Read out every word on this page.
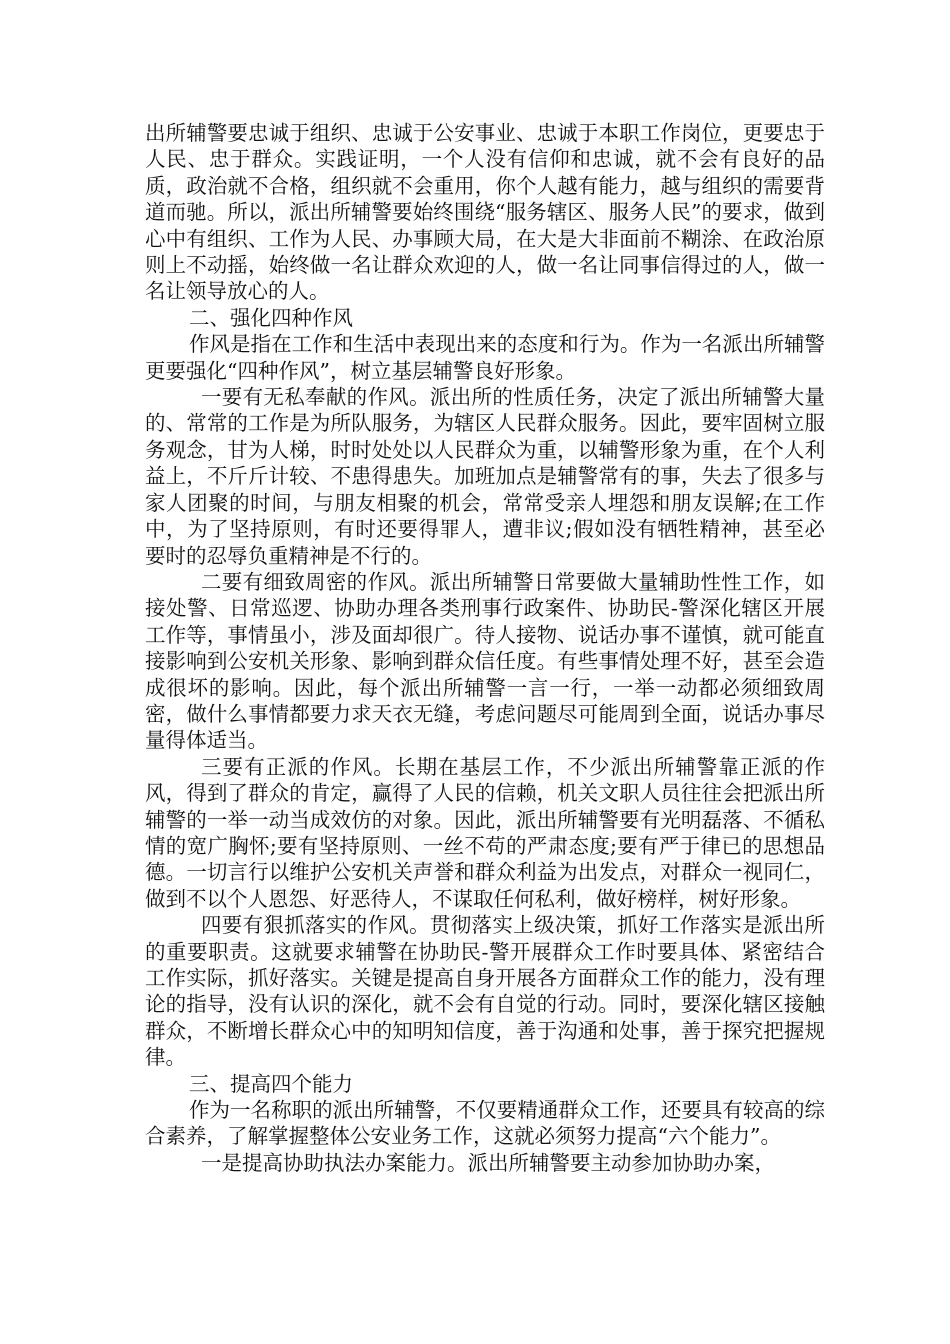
出所辅警要忠诚于组织、忠诚于公安事业、忠诚于本职工作岗位，更要忠于人民、忠于群众。实践证明，一个人没有信仰和忠诚，就不会有良好的品质，政治就不合格，组织就不会重用，你个人越有能力，越与组织的需要背道而驰。所以，派出所辅警要始终围绕“服务辖区、服务人民”的要求，做到心中有组织、工作为人民、办事顾大局，在大是大非面前不糊涂、在政治原则上不动摇，始终做一名让群众欢迎的人，做一名让同事信得过的人，做一名让领导放心的人。

二、强化四种作风

作风是指在工作和生活中表现出来的态度和行为。作为一名派出所辅警更要强化“四种作风”，树立基层辅警良好形象。

一要有无私奉献的作风。派出所的性质任务，决定了派出所辅警大量的、常常的工作是为所队服务，为辖区人民群众服务。因此，要牢固树立服务观念，甘为人梯，时时处处以人民群众为重，以辅警形象为重，在个人利益上，不斤斤计较、不患得患失。加班加点是辅警常有的事，失去了很多与家人团聚的时间，与朋友相聚的机会，常常受亲人埋怨和朋友误解;在工作中，为了坚持原则，有时还要得罪人，遭非议;假如没有牺牲精神，甚至必要时的忍辱负重精神是不行的。

二要有细致周密的作风。派出所辅警日常要做大量辅助性性工作，如接处警、日常巡逻、协助办理各类刑事行政案件、协助民-警深化辖区开展工作等，事情虽小，涉及面却很广。待人接物、说话办事不谨慎，就可能直接影响到公安机关形象、影响到群众信任度。有些事情处理不好，甚至会造成很坏的影响。因此，每个派出所辅警一言一行，一举一动都必须细致周密，做什么事情都要力求天衣无缝，考虑问题尽可能周到全面，说话办事尽量得体适当。

三要有正派的作风。长期在基层工作，不少派出所辅警靠正派的作风，得到了群众的肯定，赢得了人民的信赖，机关文职人员往往会把派出所辅警的一举一动当成效仿的对象。因此，派出所辅警要有光明磊落、不循私情的宽广胸怀;要有坚持原则、一丝不苟的严肃态度;要有严于律已的思想品德。一切言行以维护公安机关声誉和群众利益为出发点，对群众一视同仁，做到不以个人恩怨、好恶待人，不谋取任何私利，做好榜样，树好形象。

四要有狠抓落实的作风。贯彻落实上级决策，抓好工作落实是派出所的重要职责。这就要求辅警在协助民-警开展群众工作时要具体、紧密结合工作实际，抓好落实。关键是提高自身开展各方面群众工作的能力，没有理论的指导，没有认识的深化，就不会有自觉的行动。同时，要深化辖区接触群众，不断增长群众心中的知明知信度，善于沟通和处事，善于探究把握规律。

三、提高四个能力

作为一名称职的派出所辅警，不仅要精通群众工作，还要具有较高的综合素养，了解掌握整体公安业务工作，这就必须努力提高“六个能力”。

一是提高协助执法办案能力。派出所辅警要主动参加协助办案，
